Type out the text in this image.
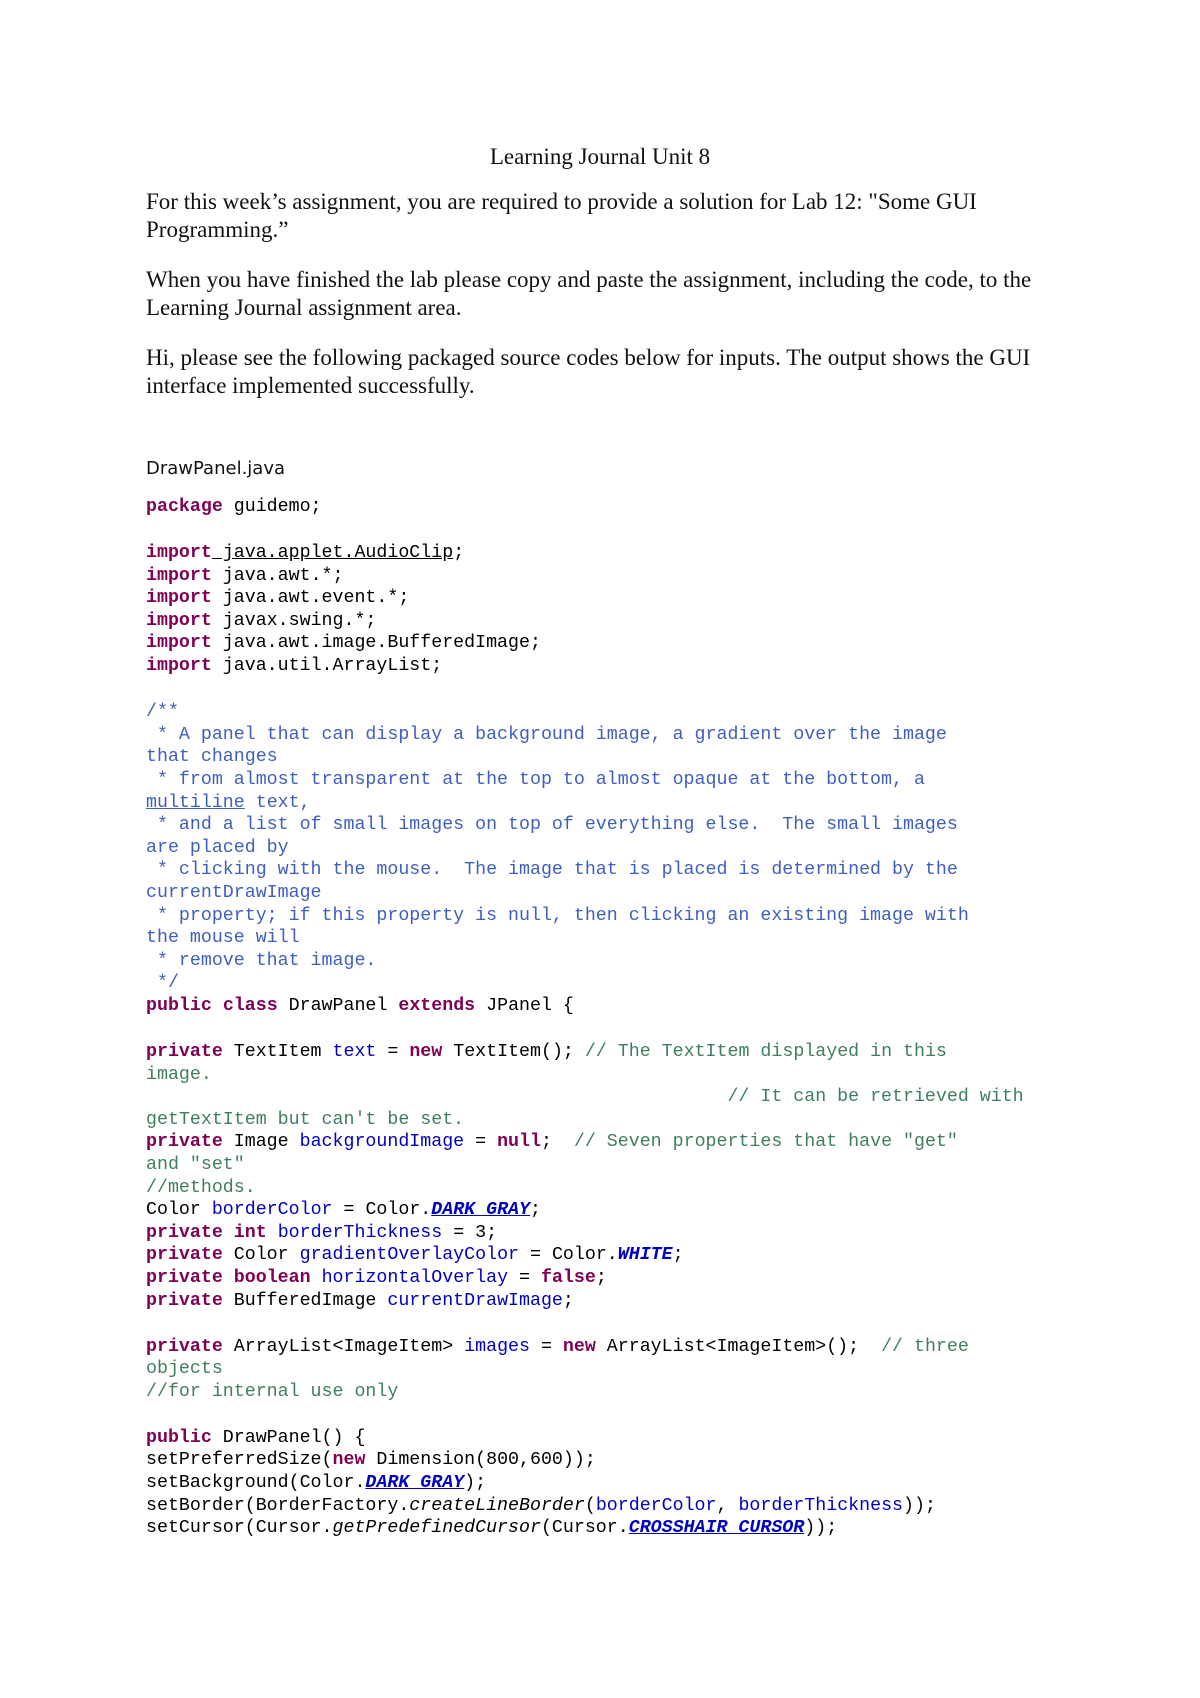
Learning Journal Unit 8

For this week’s assignment, you are required to provide a solution for Lab 12: "Some GUI Programming.”

When you have finished the lab please copy and paste the assignment, including the code, to the Learning Journal assignment area.

Hi, please see the following packaged source codes below for inputs. The output shows the GUI interface implemented successfully.

DrawPanel.java
package guidemo;
import java.applet.AudioClip;
import java.awt.*;
import java.awt.event.*;
import javax.swing.*;
import java.awt.image.BufferedImage;
import java.util.ArrayList;
/**
* A panel that can display a background image, a gradient over the image
that changes
* from almost transparent at the top to almost opaque at the bottom, a
multiline text,
* and a list of small images on top of everything else.  The small images
are placed by
* clicking with the mouse.  The image that is placed is determined by the
currentDrawImage
* property; if this property is null, then clicking an existing image with
the mouse will
* remove that image.
*/
public class DrawPanel extends JPanel {
private TextItem text = new TextItem(); // The TextItem displayed in this
image.
// It can be retrieved with
getTextItem but can't be set.
private Image backgroundImage = null;  // Seven properties that have "get"
and "set"
//methods.
Color borderColor = Color.DARK_GRAY;
private int borderThickness = 3;
private Color gradientOverlayColor = Color.WHITE;
private boolean horizontalOverlay = false;
private BufferedImage currentDrawImage;
private ArrayList<ImageItem> images = new ArrayList<ImageItem>();  // three
objects
//for internal use only
public DrawPanel() {
setPreferredSize(new Dimension(800,600));
setBackground(Color.DARK_GRAY);
setBorder(BorderFactory.createLineBorder(borderColor, borderThickness));
setCursor(Cursor.getPredefinedCursor(Cursor.CROSSHAIR_CURSOR));
